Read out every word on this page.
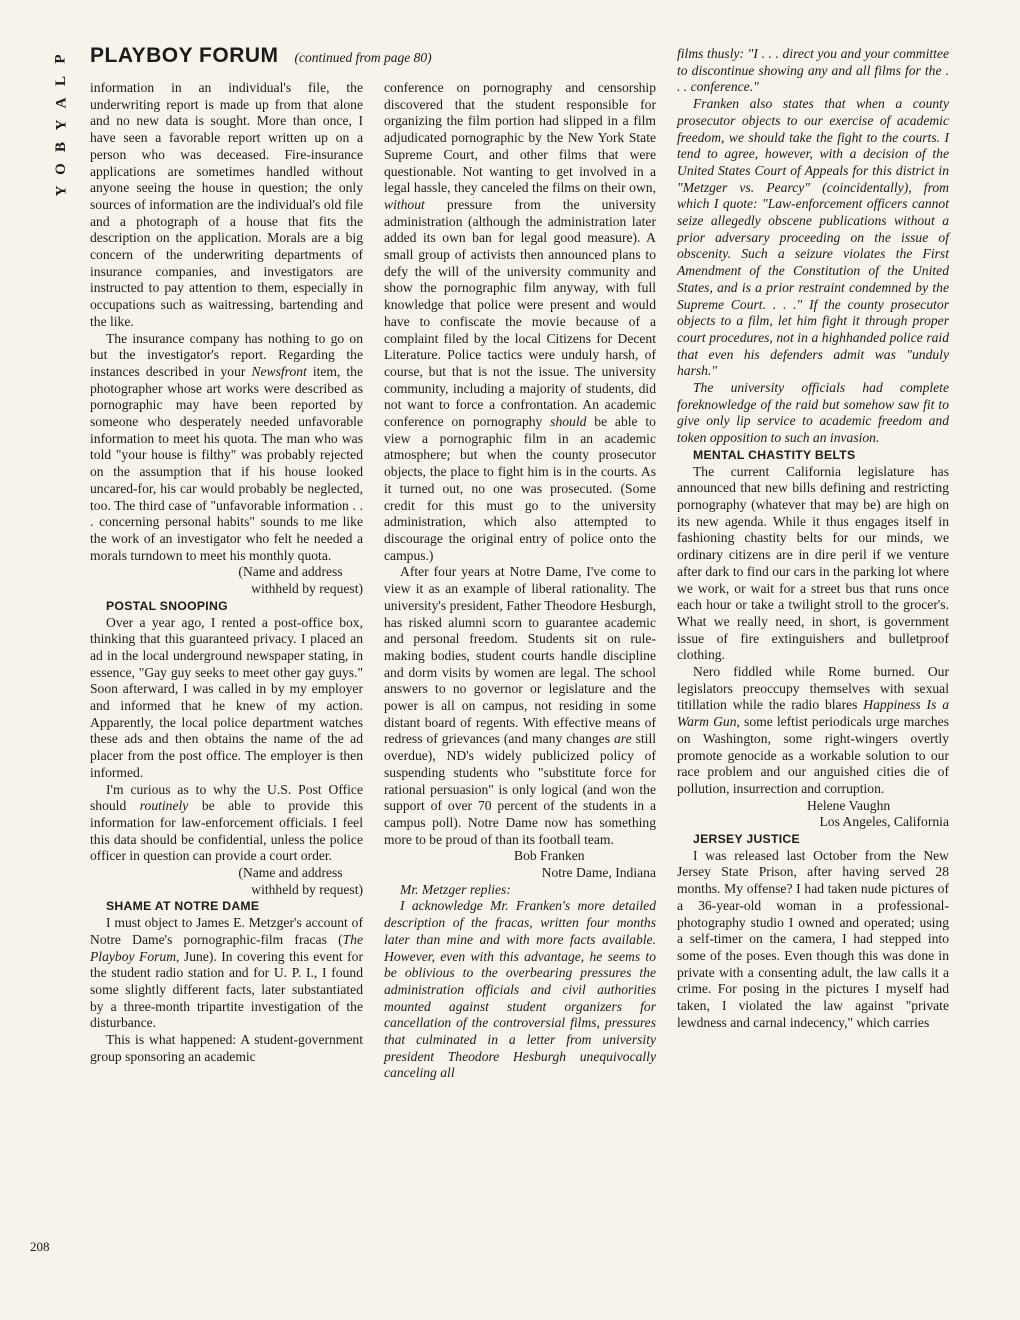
P
L
A
Y
B
O
Y
PLAYBOY FORUM (continued from page 80)

information in an individual's file, the underwriting report is made up from that alone and no new data is sought. More than once, I have seen a favorable report written up on a person who was deceased. Fire-insurance applications are sometimes handled without anyone seeing the house in question; the only sources of information are the individual's old file and a photograph of a house that fits the description on the application. Morals are a big concern of the underwriting departments of insurance companies, and investigators are instructed to pay attention to them, especially in occupations such as waitressing, bartending and the like.

The insurance company has nothing to go on but the investigator's report. Regarding the instances described in your Newsfront item, the photographer whose art works were described as pornographic may have been reported by someone who desperately needed unfavorable information to meet his quota. The man who was told "your house is filthy" was probably rejected on the assumption that if his house looked uncared-for, his car would probably be neglected, too. The third case of "unfavorable information . . . concerning personal habits" sounds to me like the work of an investigator who felt he needed a morals turndown to meet his monthly quota.

(Name and address

withheld by request)

POSTAL SNOOPING

Over a year ago, I rented a post-office box, thinking that this guaranteed privacy. I placed an ad in the local underground newspaper stating, in essence, "Gay guy seeks to meet other gay guys." Soon afterward, I was called in by my employer and informed that he knew of my action. Apparently, the local police department watches these ads and then obtains the name of the ad placer from the post office. The employer is then informed.

I'm curious as to why the U.S. Post Office should routinely be able to provide this information for law-enforcement officials. I feel this data should be confidential, unless the police officer in question can provide a court order.

(Name and address

withheld by request)

SHAME AT NOTRE DAME

I must object to James E. Metzger's account of Notre Dame's pornographic-film fracas (The Playboy Forum, June). In covering this event for the student radio station and for U. P. I., I found some slightly different facts, later substantiated by a three-month tripartite investigation of the disturbance.

This is what happened: A student-government group sponsoring an academic

conference on pornography and censorship discovered that the student responsible for organizing the film portion had slipped in a film adjudicated pornographic by the New York State Supreme Court, and other films that were questionable. Not wanting to get involved in a legal hassle, they canceled the films on their own, without pressure from the university administration (although the administration later added its own ban for legal good measure). A small group of activists then announced plans to defy the will of the university community and show the pornographic film anyway, with full knowledge that police were present and would have to confiscate the movie because of a complaint filed by the local Citizens for Decent Literature. Police tactics were unduly harsh, of course, but that is not the issue. The university community, including a majority of students, did not want to force a confrontation. An academic conference on pornography should be able to view a pornographic film in an academic atmosphere; but when the county prosecutor objects, the place to fight him is in the courts. As it turned out, no one was prosecuted. (Some credit for this must go to the university administration, which also attempted to discourage the original entry of police onto the campus.)

After four years at Notre Dame, I've come to view it as an example of liberal rationality. The university's president, Father Theodore Hesburgh, has risked alumni scorn to guarantee academic and personal freedom. Students sit on rule-making bodies, student courts handle discipline and dorm visits by women are legal. The school answers to no governor or legislature and the power is all on campus, not residing in some distant board of regents. With effective means of redress of grievances (and many changes are still overdue), ND's widely publicized policy of suspending students who "substitute force for rational persuasion" is only logical (and won the support of over 70 percent of the students in a campus poll). Notre Dame now has something more to be proud of than its football team.

Bob Franken

Notre Dame, Indiana

Mr. Metzger replies:

I acknowledge Mr. Franken's more detailed description of the fracas, written four months later than mine and with more facts available. However, even with this advantage, he seems to be oblivious to the overbearing pressures the administration officials and civil authorities mounted against student organizers for cancellation of the controversial films, pressures that culminated in a letter from university president Theodore Hesburgh unequivocally canceling all

films thusly: "I . . . direct you and your committee to discontinue showing any and all films for the . . . conference."

Franken also states that when a county prosecutor objects to our exercise of academic freedom, we should take the fight to the courts. I tend to agree, however, with a decision of the United States Court of Appeals for this district in "Metzger vs. Pearcy" (coincidentally), from which I quote: "Law-enforcement officers cannot seize allegedly obscene publications without a prior adversary proceeding on the issue of obscenity. Such a seizure violates the First Amendment of the Constitution of the United States, and is a prior restraint condemned by the Supreme Court. . . ." If the county prosecutor objects to a film, let him fight it through proper court procedures, not in a highhanded police raid that even his defenders admit was "unduly harsh."

The university officials had complete foreknowledge of the raid but somehow saw fit to give only lip service to academic freedom and token opposition to such an invasion.

MENTAL CHASTITY BELTS

The current California legislature has announced that new bills defining and restricting pornography (whatever that may be) are high on its new agenda. While it thus engages itself in fashioning chastity belts for our minds, we ordinary citizens are in dire peril if we venture after dark to find our cars in the parking lot where we work, or wait for a street bus that runs once each hour or take a twilight stroll to the grocer's. What we really need, in short, is government issue of fire extinguishers and bulletproof clothing.

Nero fiddled while Rome burned. Our legislators preoccupy themselves with sexual titillation while the radio blares Happiness Is a Warm Gun, some leftist periodicals urge marches on Washington, some right-wingers overtly promote genocide as a workable solution to our race problem and our anguished cities die of pollution, insurrection and corruption.

Helene Vaughn

Los Angeles, California

JERSEY JUSTICE

I was released last October from the New Jersey State Prison, after having served 28 months. My offense? I had taken nude pictures of a 36-year-old woman in a professional-photography studio I owned and operated; using a self-timer on the camera, I had stepped into some of the poses. Even though this was done in private with a consenting adult, the law calls it a crime. For posing in the pictures I myself had taken, I violated the law against "private lewdness and carnal indecency," which carries

208
